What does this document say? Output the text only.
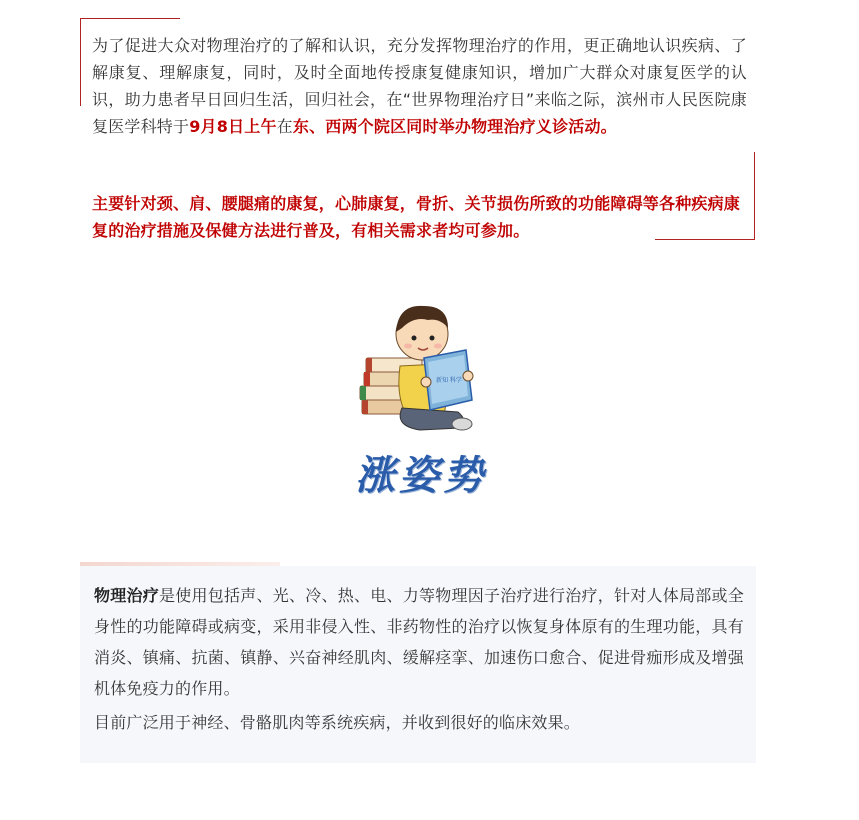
为了促进大众对物理治疗的了解和认识，充分发挥物理治疗的作用，更正确地认识疾病、了解康复、理解康复，同时，及时全面地传授康复健康知识，增加广大群众对康复医学的认识，助力患者早日回归生活，回归社会，在“世界物理治疗日”来临之际，滨州市人民医院康复医学科特于9月8日上午在东、西两个院区同时举办物理治疗义诊活动。

主要针对颈、肩、腰腿痛的康复，心肺康复，骨折、关节损伤所致的功能障碍等各种疾病康复的治疗措施及保健方法进行普及，有相关需求者均可参加。

新知 科学
涨姿势

物理治疗是使用包括声、光、冷、热、电、力等物理因子治疗进行治疗，针对人体局部或全身性的功能障碍或病变，采用非侵入性、非药物性的治疗以恢复身体原有的生理功能，具有消炎、镇痛、抗菌、镇静、兴奋神经肌肉、缓解痉挛、加速伤口愈合、促进骨痂形成及增强机体免疫力的作用。

目前广泛用于神经、骨骼肌肉等系统疾病，并收到很好的临床效果。
